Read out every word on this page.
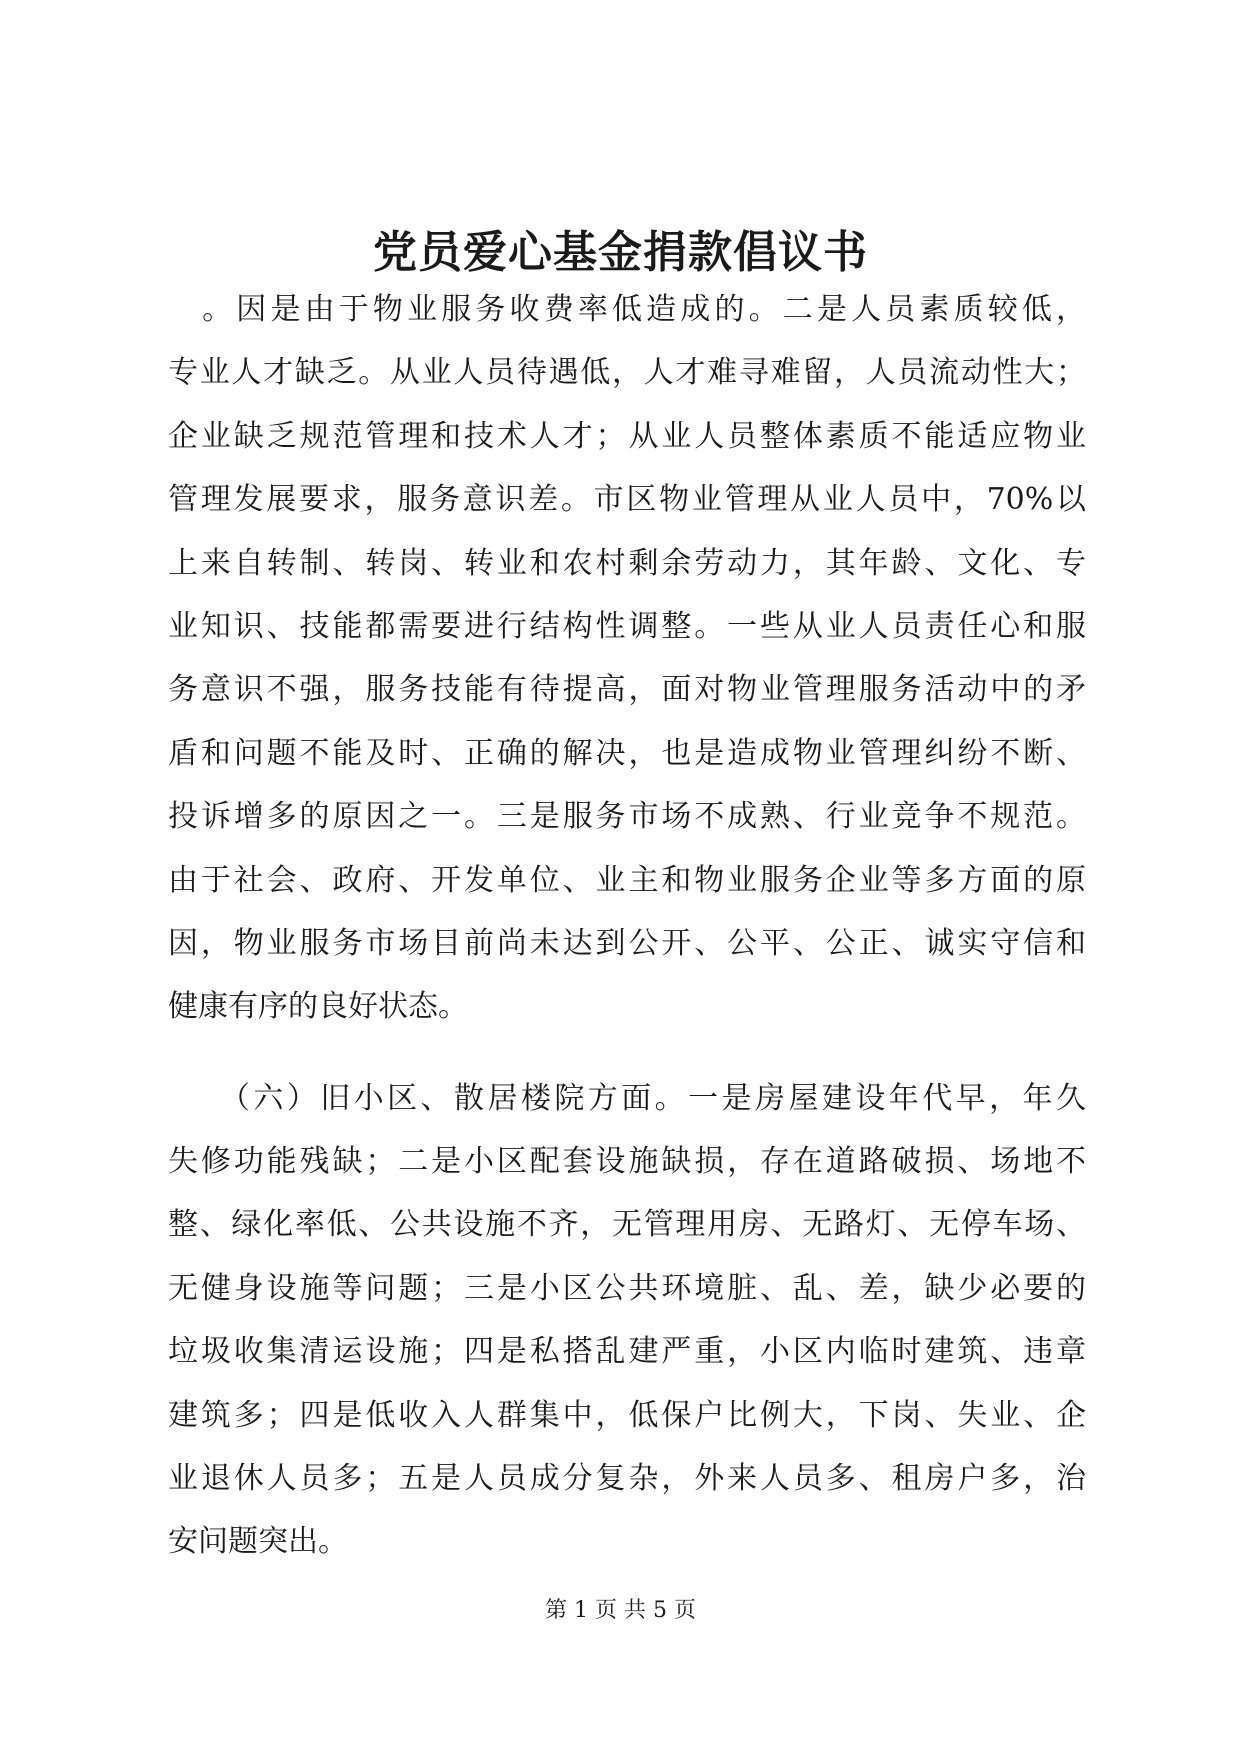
党员爱心基金捐款倡议书
　。因是由于物业服务收费率低造成的。二是人员素质较低，
专业人才缺乏。从业人员待遇低，人才难寻难留，人员流动性大；
企业缺乏规范管理和技术人才；从业人员整体素质不能适应物业
管理发展要求，服务意识差。市区物业管理从业人员中，70%以
上来自转制、转岗、转业和农村剩余劳动力，其年龄、文化、专
业知识、技能都需要进行结构性调整。一些从业人员责任心和服
务意识不强，服务技能有待提高，面对物业管理服务活动中的矛
盾和问题不能及时、正确的解决，也是造成物业管理纠纷不断、
投诉增多的原因之一。三是服务市场不成熟、行业竞争不规范。
由于社会、政府、开发单位、业主和物业服务企业等多方面的原
因，物业服务市场目前尚未达到公开、公平、公正、诚实守信和
健康有序的良好状态。
　　（六）旧小区、散居楼院方面。一是房屋建设年代早，年久
失修功能残缺；二是小区配套设施缺损，存在道路破损、场地不
整、绿化率低、公共设施不齐，无管理用房、无路灯、无停车场、
无健身设施等问题；三是小区公共环境脏、乱、差，缺少必要的
垃圾收集清运设施；四是私搭乱建严重，小区内临时建筑、违章
建筑多；四是低收入人群集中，低保户比例大，下岗、失业、企
业退休人员多；五是人员成分复杂，外来人员多、租房户多，治
安问题突出。
第 1 页 共 5 页
